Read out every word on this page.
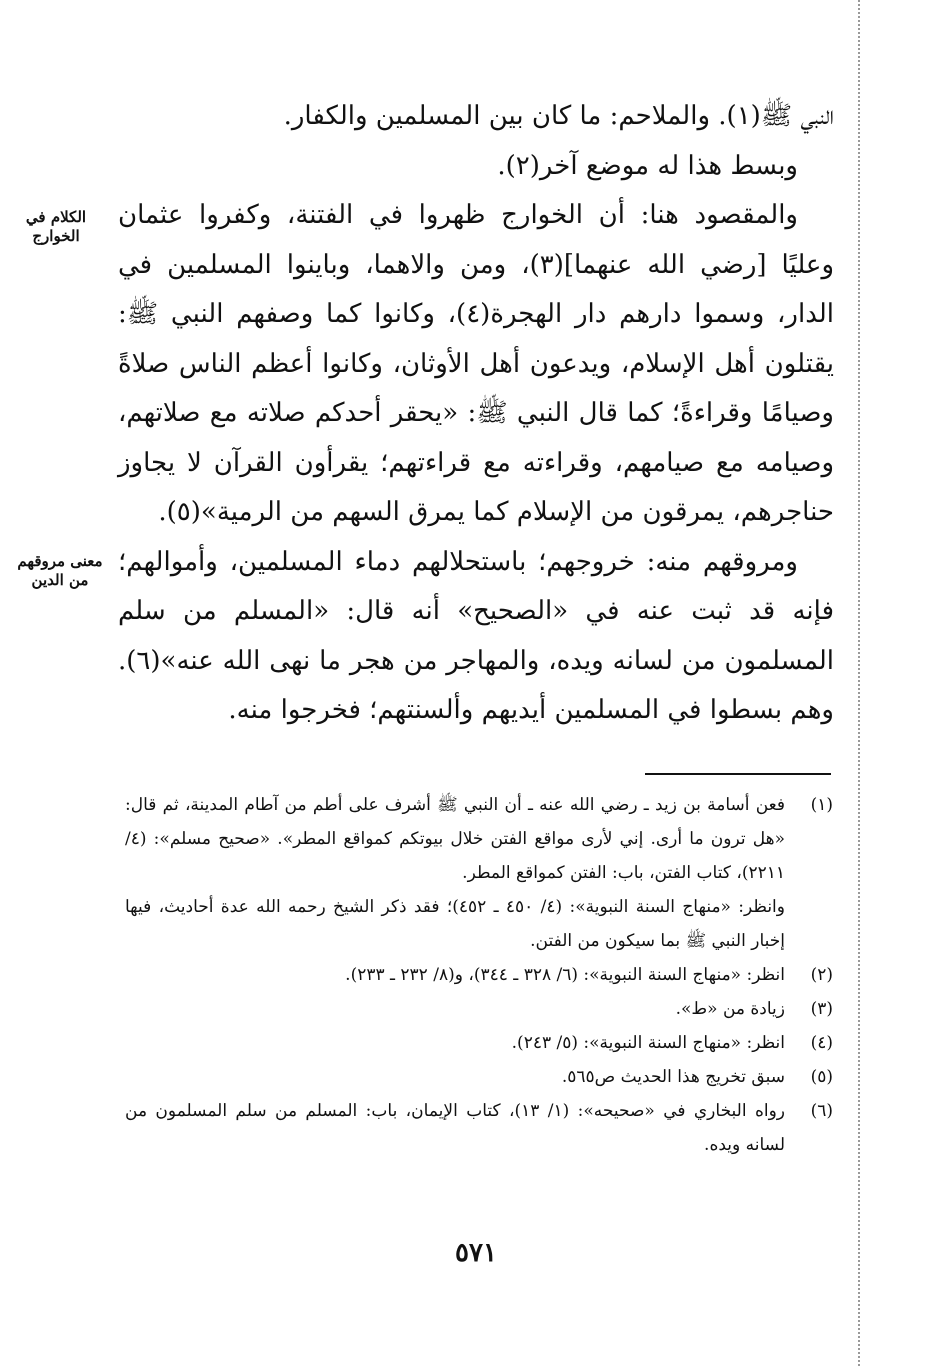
النبي ﷺ(١). والملاحم: ما كان بين المسلمين والكفار.

وبسط هذا له موضع آخر(٢).

والمقصود هنا: أن الخوارج ظهروا في الفتنة، وكفروا عثمان وعليًا [رضي الله عنهما](٣)، ومن والاهما، وباينوا المسلمين في الدار، وسموا دارهم دار الهجرة(٤)، وكانوا كما وصفهم النبي ﷺ: يقتلون أهل الإسلام، ويدعون أهل الأوثان، وكانوا أعظم الناس صلاةً وصيامًا وقراءةً؛ كما قال النبي ﷺ: «يحقر أحدكم صلاته مع صلاتهم، وصيامه مع صيامهم، وقراءته مع قراءتهم؛ يقرأون القرآن لا يجاوز حناجرهم، يمرقون من الإسلام كما يمرق السهم من الرمية»(٥).

ومروقهم منه: خروجهم؛ باستحلالهم دماء المسلمين، وأموالهم؛ فإنه قد ثبت عنه في «الصحيح» أنه قال: «المسلم من سلم المسلمون من لسانه ويده، والمهاجر من هجر ما نهى الله عنه»(٦). وهم بسطوا في المسلمين أيديهم وألسنتهم؛ فخرجوا منه.

الكلام في الخوارج
معنى مروقهم من الدين
(١)
فعن أسامة بن زيد ـ رضي الله عنه ـ أن النبي ﷺ أشرف على أطم من آطام المدينة، ثم قال: «هل ترون ما أرى. إني لأرى مواقع الفتن خلال بيوتكم كمواقع المطر». «صحيح مسلم»: (٤/ ٢٢١١)، كتاب الفتن، باب: الفتن كمواقع المطر.
وانظر: «منهاج السنة النبوية»: (٤/ ٤٥٠ ـ ٤٥٢)؛ فقد ذكر الشيخ رحمه الله عدة أحاديث، فيها إخبار النبي ﷺ بما سيكون من الفتن.
(٢)
انظر: «منهاج السنة النبوية»: (٦/ ٣٢٨ ـ ٣٤٤)، و(٨/ ٢٣٢ ـ ٢٣٣).
(٣)
زيادة من «ط».
(٤)
انظر: «منهاج السنة النبوية»: (٥/ ٢٤٣).
(٥)
سبق تخريج هذا الحديث ص٥٦٥.
(٦)
رواه البخاري في «صحيحه»: (١/ ١٣)، كتاب الإيمان، باب: المسلم من سلم المسلمون من لسانه ويده.
٥٧١
